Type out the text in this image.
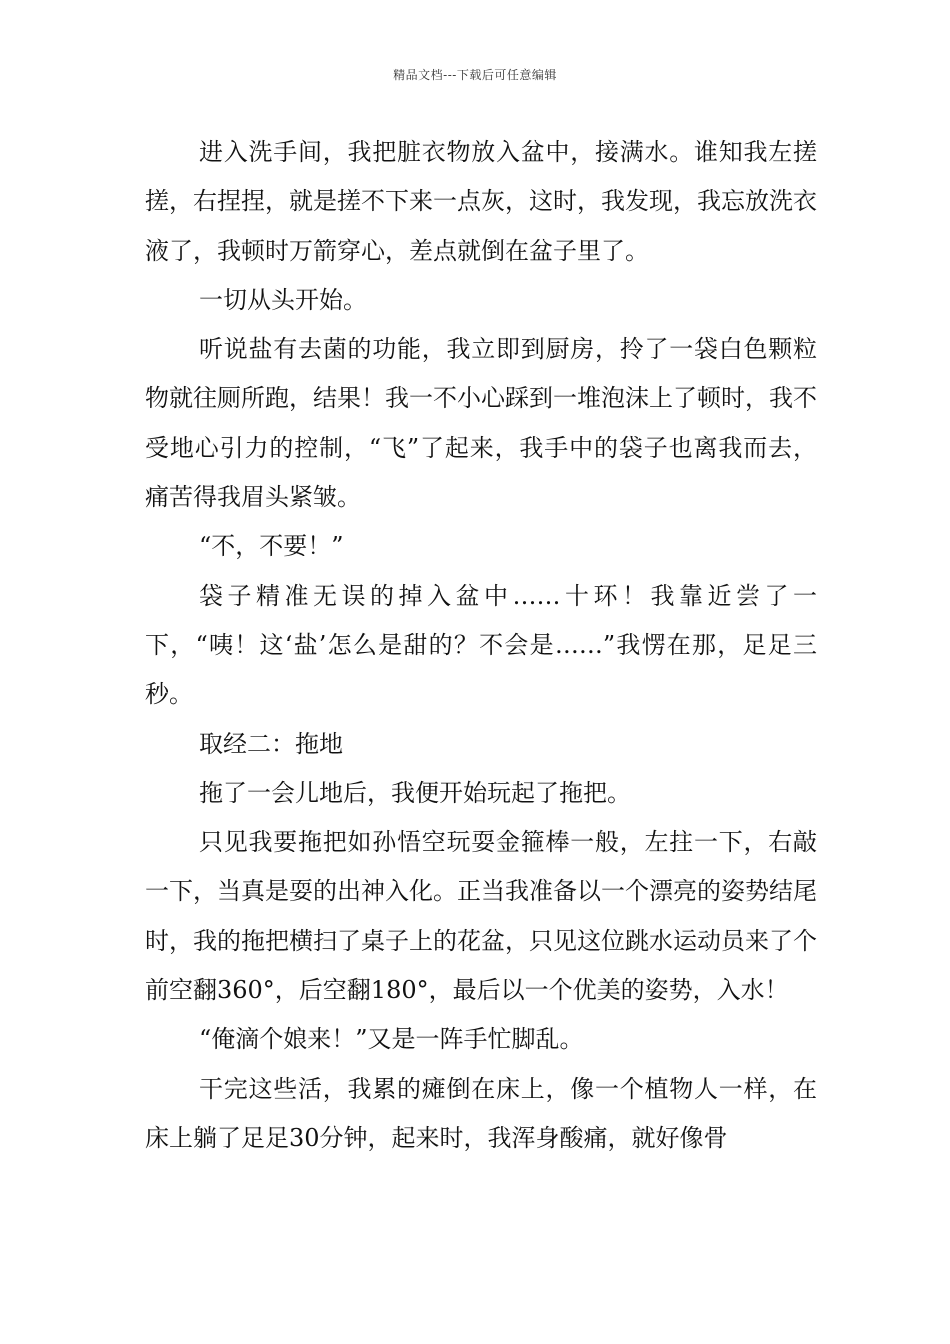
精品文档---下载后可任意编辑

进入洗手间，我把脏衣物放入盆中，接满水。谁知我左搓搓，右捏捏，就是搓不下来一点灰，这时，我发现，我忘放洗衣液了，我顿时万箭穿心，差点就倒在盆子里了。

一切从头开始。

听说盐有去菌的功能，我立即到厨房，拎了一袋白色颗粒物就往厕所跑，结果！我一不小心踩到一堆泡沫上了顿时，我不受地心引力的控制，“飞”了起来，我手中的袋子也离我而去，痛苦得我眉头紧皱。

“不，不要！”

袋子精准无误的掉入盆中……十环！我靠近尝了一下，“咦！这‘盐’怎么是甜的？不会是……”我愣在那，足足三秒。

取经二：拖地

拖了一会儿地后，我便开始玩起了拖把。

只见我要拖把如孙悟空玩耍金箍棒一般，左拄一下，右敲一下，当真是耍的出神入化。正当我准备以一个漂亮的姿势结尾时，我的拖把横扫了桌子上的花盆，只见这位跳水运动员来了个前空翻360°，后空翻180°，最后以一个优美的姿势，入水！

“俺滴个娘来！”又是一阵手忙脚乱。

干完这些活，我累的瘫倒在床上，像一个植物人一样，在床上躺了足足30分钟，起来时，我浑身酸痛，就好像骨
